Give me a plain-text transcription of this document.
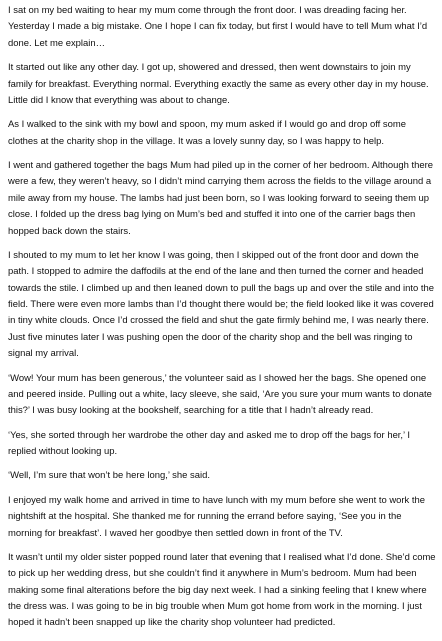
I sat on my bed waiting to hear my mum come through the front door. I was dreading facing her. Yesterday I made a big mistake. One I hope I can fix today, but first I would have to tell Mum what I’d done. Let me explain…

It started out like any other day. I got up, showered and dressed, then went downstairs to join my family for breakfast. Everything normal. Everything exactly the same as every other day in my house. Little did I know that everything was about to change.

As I walked to the sink with my bowl and spoon, my mum asked if I would go and drop off some clothes at the charity shop in the village. It was a lovely sunny day, so I was happy to help.

I went and gathered together the bags Mum had piled up in the corner of her bedroom. Although there were a few, they weren’t heavy, so I didn’t mind carrying them across the fields to the village around a mile away from my house. The lambs had just been born, so I was looking forward to seeing them up close. I folded up the dress bag lying on Mum’s bed and stuffed it into one of the carrier bags then hopped back down the stairs.

I shouted to my mum to let her know I was going, then I skipped out of the front door and down the path. I stopped to admire the daffodils at the end of the lane and then turned the corner and headed towards the stile. I climbed up and then leaned down to pull the bags up and over the stile and into the field. There were even more lambs than I’d thought there would be; the field looked like it was covered in tiny white clouds. Once I’d crossed the field and shut the gate firmly behind me, I was nearly there. Just five minutes later I was pushing open the door of the charity shop and the bell was ringing to signal my arrival.

‘Wow! Your mum has been generous,’ the volunteer said as I showed her the bags. She opened one and peered inside. Pulling out a white, lacy sleeve, she said, ‘Are you sure your mum wants to donate this?’ I was busy looking at the bookshelf, searching for a title that I hadn’t already read.

‘Yes, she sorted through her wardrobe the other day and asked me to drop off the bags for her,’ I replied without looking up.

‘Well, I’m sure that won’t be here long,’ she said.

I enjoyed my walk home and arrived in time to have lunch with my mum before she went to work the nightshift at the hospital. She thanked me for running the errand before saying, ‘See you in the morning for breakfast’. I waved her goodbye then settled down in front of the TV.

It wasn’t until my older sister popped round later that evening that I realised what I’d done. She’d come to pick up her wedding dress, but she couldn’t find it anywhere in Mum’s bedroom. Mum had been making some final alterations before the big day next week. I had a sinking feeling that I knew where the dress was. I was going to be in big trouble when Mum got home from work in the morning. I just hoped it hadn’t been snapped up like the charity shop volunteer had predicted.
